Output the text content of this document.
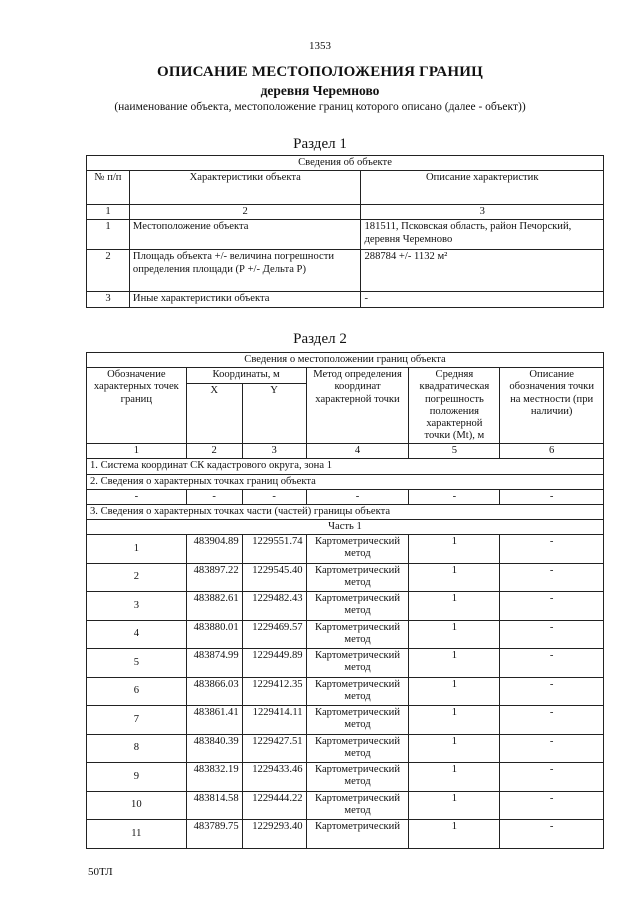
1353
ОПИСАНИЕ МЕСТОПОЛОЖЕНИЯ ГРАНИЦ
деревня Черемново
(наименование объекта, местоположение границ которого описано (далее - объект))
Раздел 1
Сведения об объекте		
№ п/п	Характеристики объекта	Описание характеристик
1	2	3
1	Местоположение объекта	181511, Псковская область, район Печорский, деревня Черемново
2	Площадь объекта +/- величина погрешности определения площади (Р +/- Дельта Р)	288784 +/- 1132 м²
3	Иные характеристики объекта	-
Раздел 2
Сведения о местоположении границ объекта					
Обозначение характерных точек границ	Координаты, м		Метод определения координат характерной точки	Средняя квадратическая погрешность положения характерной точки (Mt), м	Описание обозначения точки на местности (при наличии)
	X	Y			
1	2	3	4	5	6
1. Система координат СК кадастрового округа, зона 1					
2. Сведения о характерных точках границ объекта					
-	-	-	-	-	-
3. Сведения о характерных точках части (частей) границы объекта					
Часть 1					
1	483904.89	1229551.74	Картометрический метод	1	-
2	483897.22	1229545.40	Картометрический метод	1	-
3	483882.61	1229482.43	Картометрический метод	1	-
4	483880.01	1229469.57	Картометрический метод	1	-
5	483874.99	1229449.89	Картометрический метод	1	-
6	483866.03	1229412.35	Картометрический метод	1	-
7	483861.41	1229414.11	Картометрический метод	1	-
8	483840.39	1229427.51	Картометрический метод	1	-
9	483832.19	1229433.46	Картометрический метод	1	-
10	483814.58	1229444.22	Картометрический метод	1	-
11	483789.75	1229293.40	Картометрический	1	-
50ТЛ
